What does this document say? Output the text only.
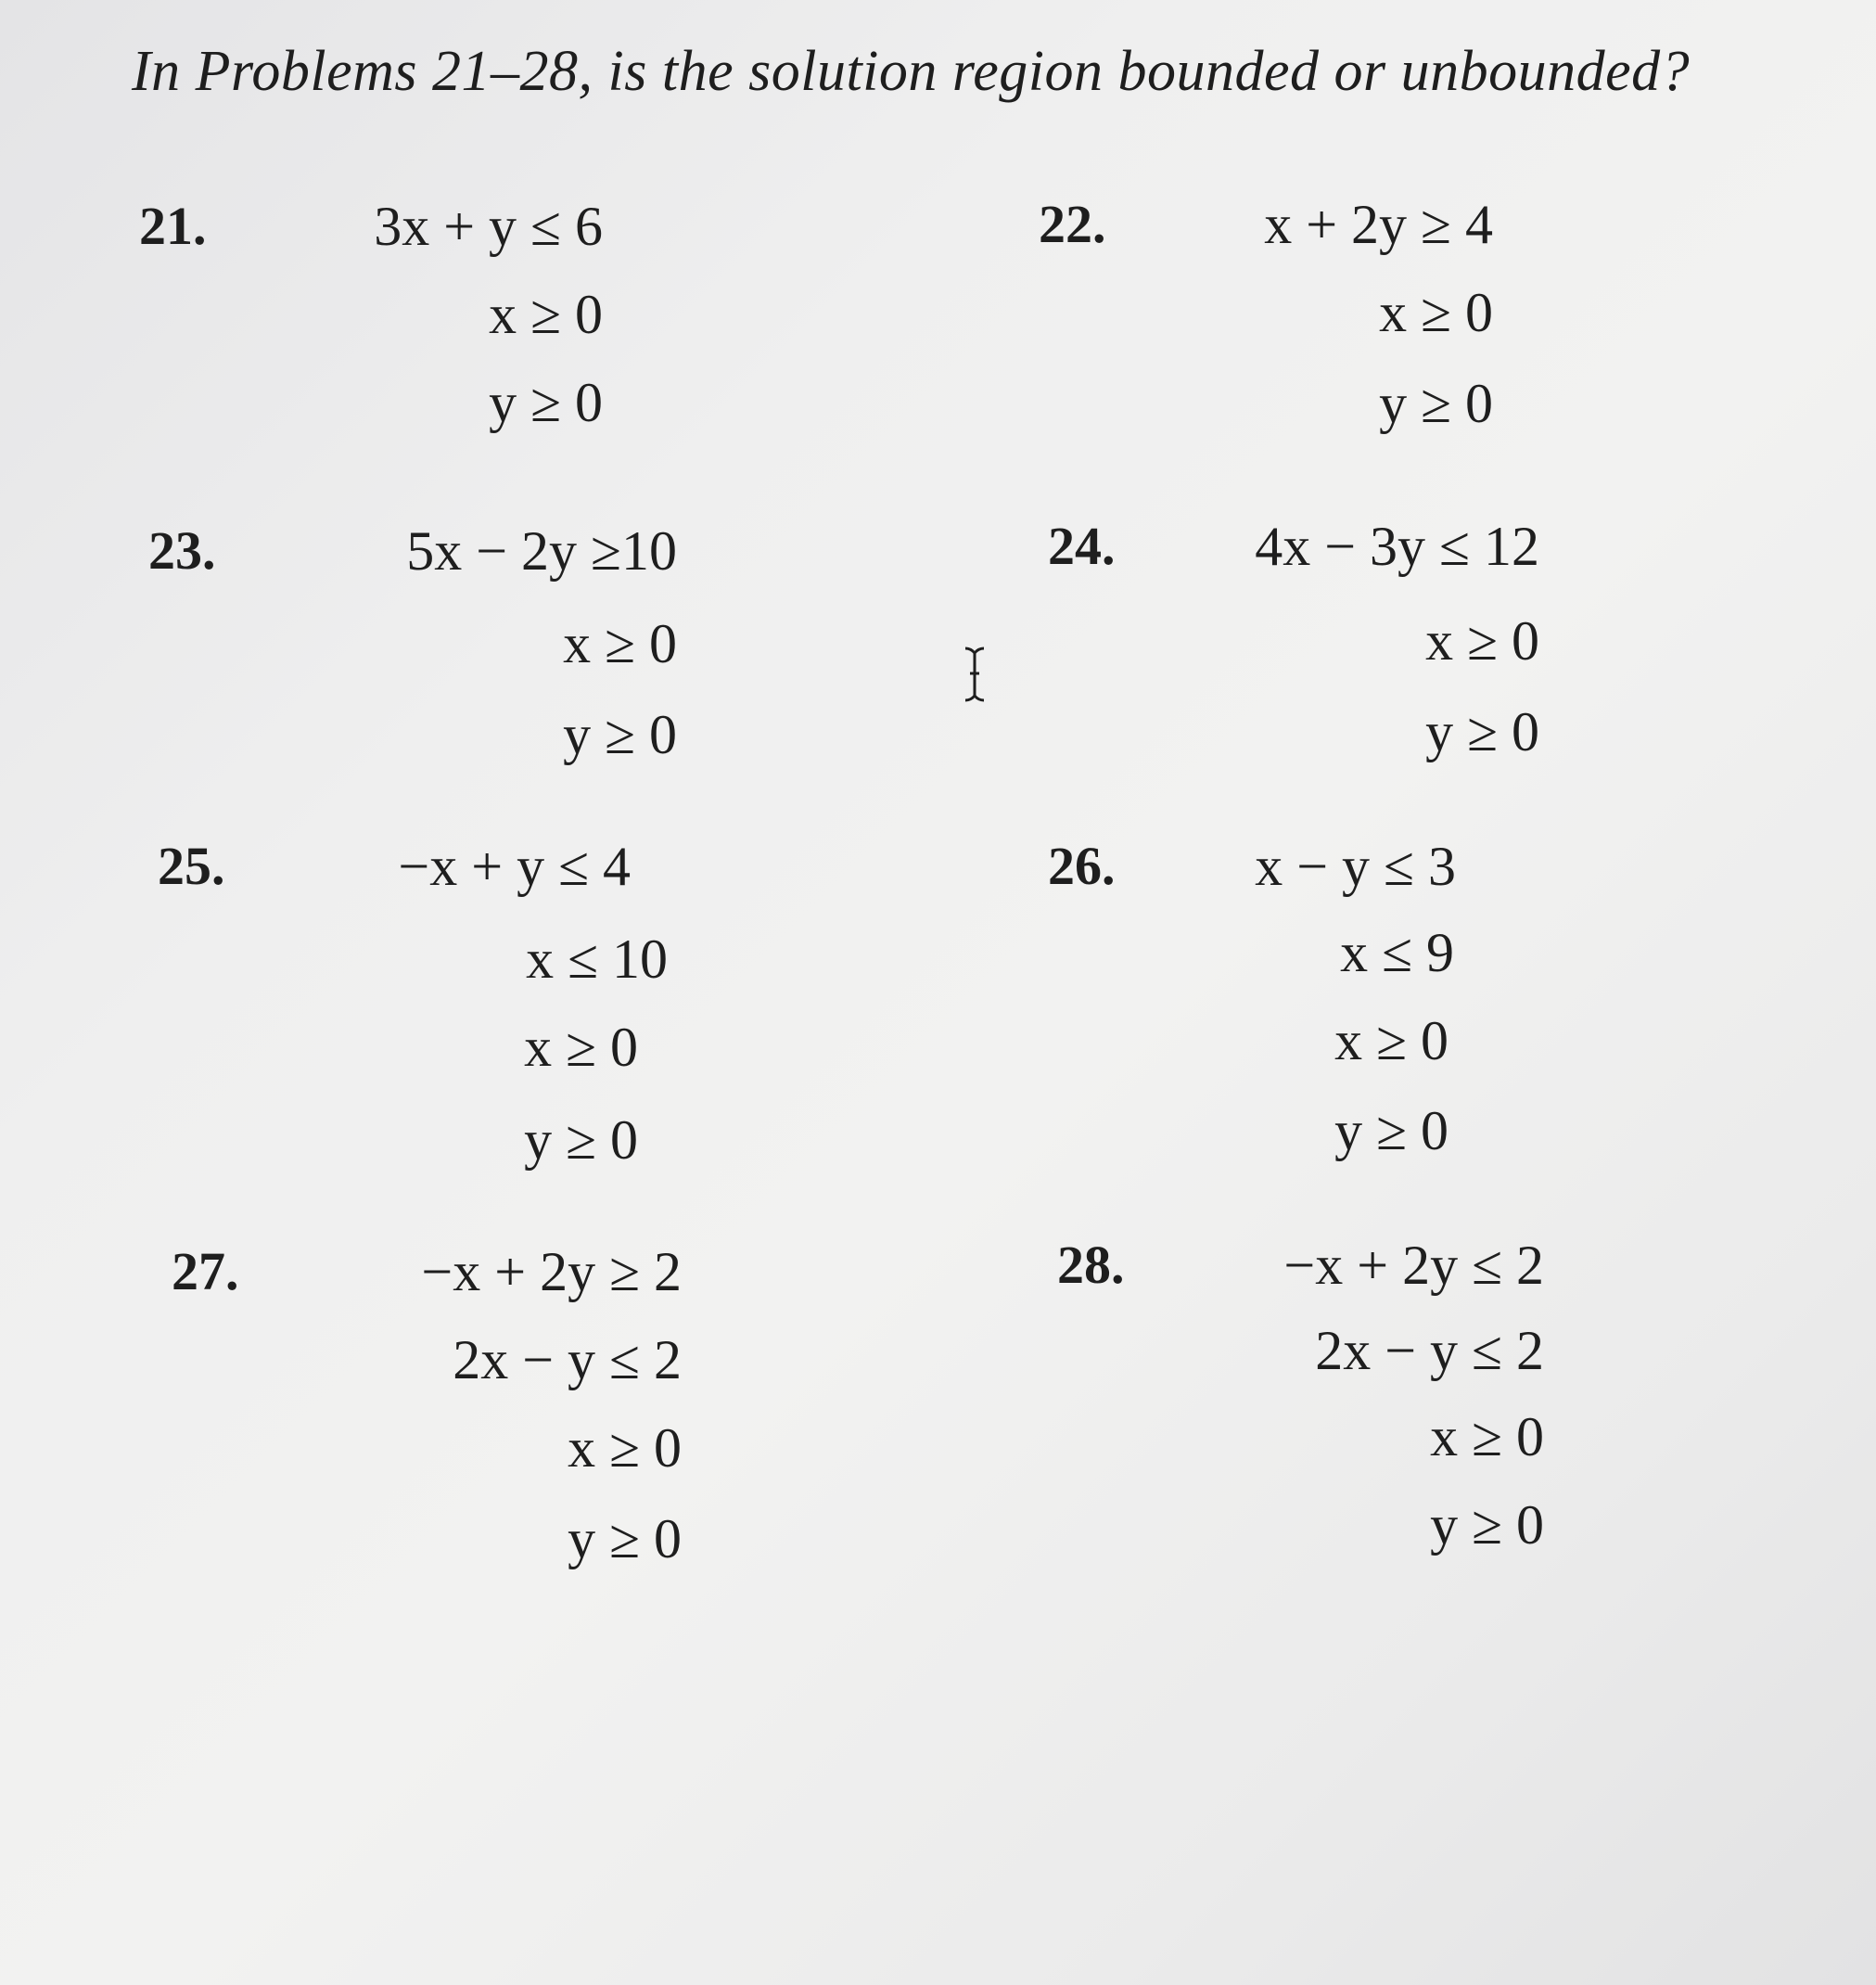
In Problems 21–28, is the solution region bounded or unbounded?
21.	3x + y ≤ 6
x ≥ 0
y ≥ 0
22.	x + 2y ≥ 4
x ≥ 0
y ≥ 0
23.	5x − 2y ≥10
x ≥ 0
y ≥ 0
24.	4x − 3y ≤ 12
x ≥ 0
y ≥ 0
25.	−x + y ≤ 4
x ≤ 10
x ≥ 0
y ≥ 0
26.	x − y ≤ 3
x ≤ 9
x ≥ 0
y ≥ 0
27.	−x + 2y ≥ 2
2x − y ≤ 2
x ≥ 0
y ≥ 0
28.	−x + 2y ≤ 2
2x − y ≤ 2
x ≥ 0
y ≥ 0
